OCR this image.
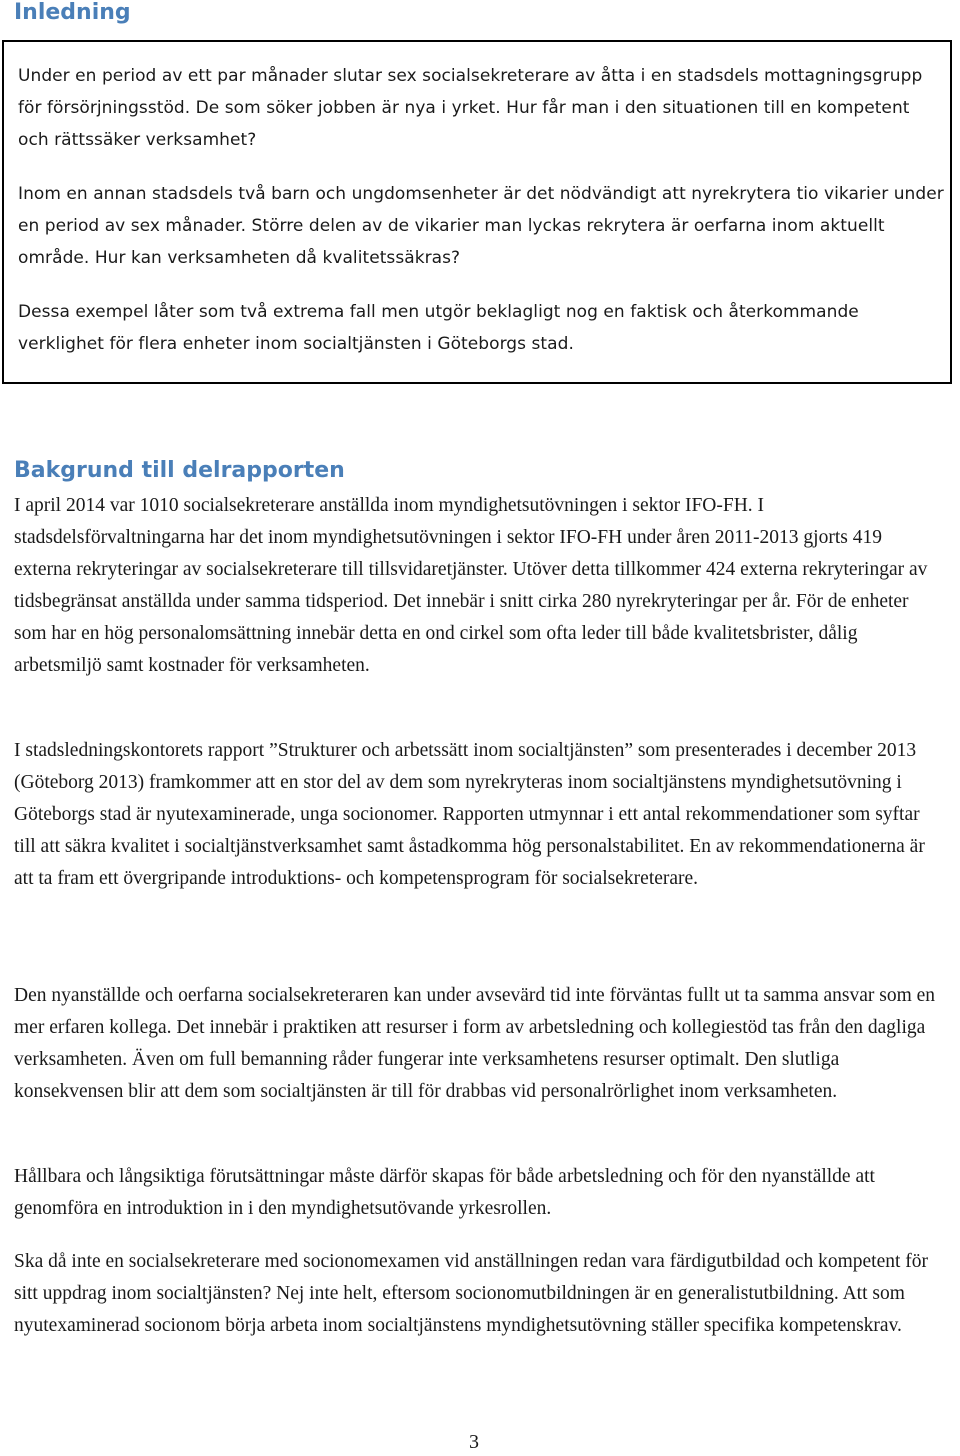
Inledning

Under en period av ett par månader slutar sex socialsekreterare av åtta i en stadsdels mottagningsgrupp för försörjningsstöd. De som söker jobben är nya i yrket. Hur får man i den situationen till en kompetent och rättssäker verksamhet?

Inom en annan stadsdels två barn och ungdomsenheter är det nödvändigt att nyrekrytera tio vikarier under en period av sex månader. Större delen av de vikarier man lyckas rekrytera är oerfarna inom aktuellt område. Hur kan verksamheten då kvalitetssäkras?

Dessa exempel låter som två extrema fall men utgör beklagligt nog en faktisk och återkommande verklighet för flera enheter inom socialtjänsten i Göteborgs stad.

Bakgrund till delrapporten

I april 2014 var 1010 socialsekreterare anställda inom myndighetsutövningen i sektor IFO-FH. I stadsdelsförvaltningarna har det inom myndighetsutövningen i sektor IFO-FH under åren 2011-2013 gjorts 419 externa rekryteringar av socialsekreterare till tillsvidaretjänster. Utöver detta tillkommer 424 externa rekryteringar av tidsbegränsat anställda under samma tidsperiod. Det innebär i snitt cirka 280 nyrekryteringar per år. För de enheter som har en hög personalomsättning innebär detta en ond cirkel som ofta leder till både kvalitetsbrister, dålig arbetsmiljö samt kostnader för verksamheten.

I stadsledningskontorets rapport ”Strukturer och arbetssätt inom socialtjänsten” som presenterades i december 2013 (Göteborg 2013) framkommer att en stor del av dem som nyrekryteras inom socialtjänstens myndighetsutövning i Göteborgs stad är nyutexaminerade, unga socionomer. Rapporten utmynnar i ett antal rekommendationer som syftar till att säkra kvalitet i socialtjänstverksamhet samt åstadkomma hög personalstabilitet. En av rekommendationerna är att ta fram ett övergripande introduktions- och kompetensprogram för socialsekreterare.

Den nyanställde och oerfarna socialsekreteraren kan under avsevärd tid inte förväntas fullt ut ta samma ansvar som en mer erfaren kollega. Det innebär i praktiken att resurser i form av arbetsledning och kollegiestöd tas från den dagliga verksamheten. Även om full bemanning råder fungerar inte verksamhetens resurser optimalt. Den slutliga konsekvensen blir att dem som socialtjänsten är till för drabbas vid personalrörlighet inom verksamheten.

Hållbara och långsiktiga förutsättningar måste därför skapas för både arbetsledning och för den nyanställde att genomföra en introduktion in i den myndighetsutövande yrkesrollen.

Ska då inte en socialsekreterare med socionomexamen vid anställningen redan vara färdigutbildad och kompetent för sitt uppdrag inom socialtjänsten? Nej inte helt, eftersom socionomutbildningen är en generalistutbildning. Att som nyutexaminerad socionom börja arbeta inom socialtjänstens myndighetsutövning ställer specifika kompetenskrav.

3
